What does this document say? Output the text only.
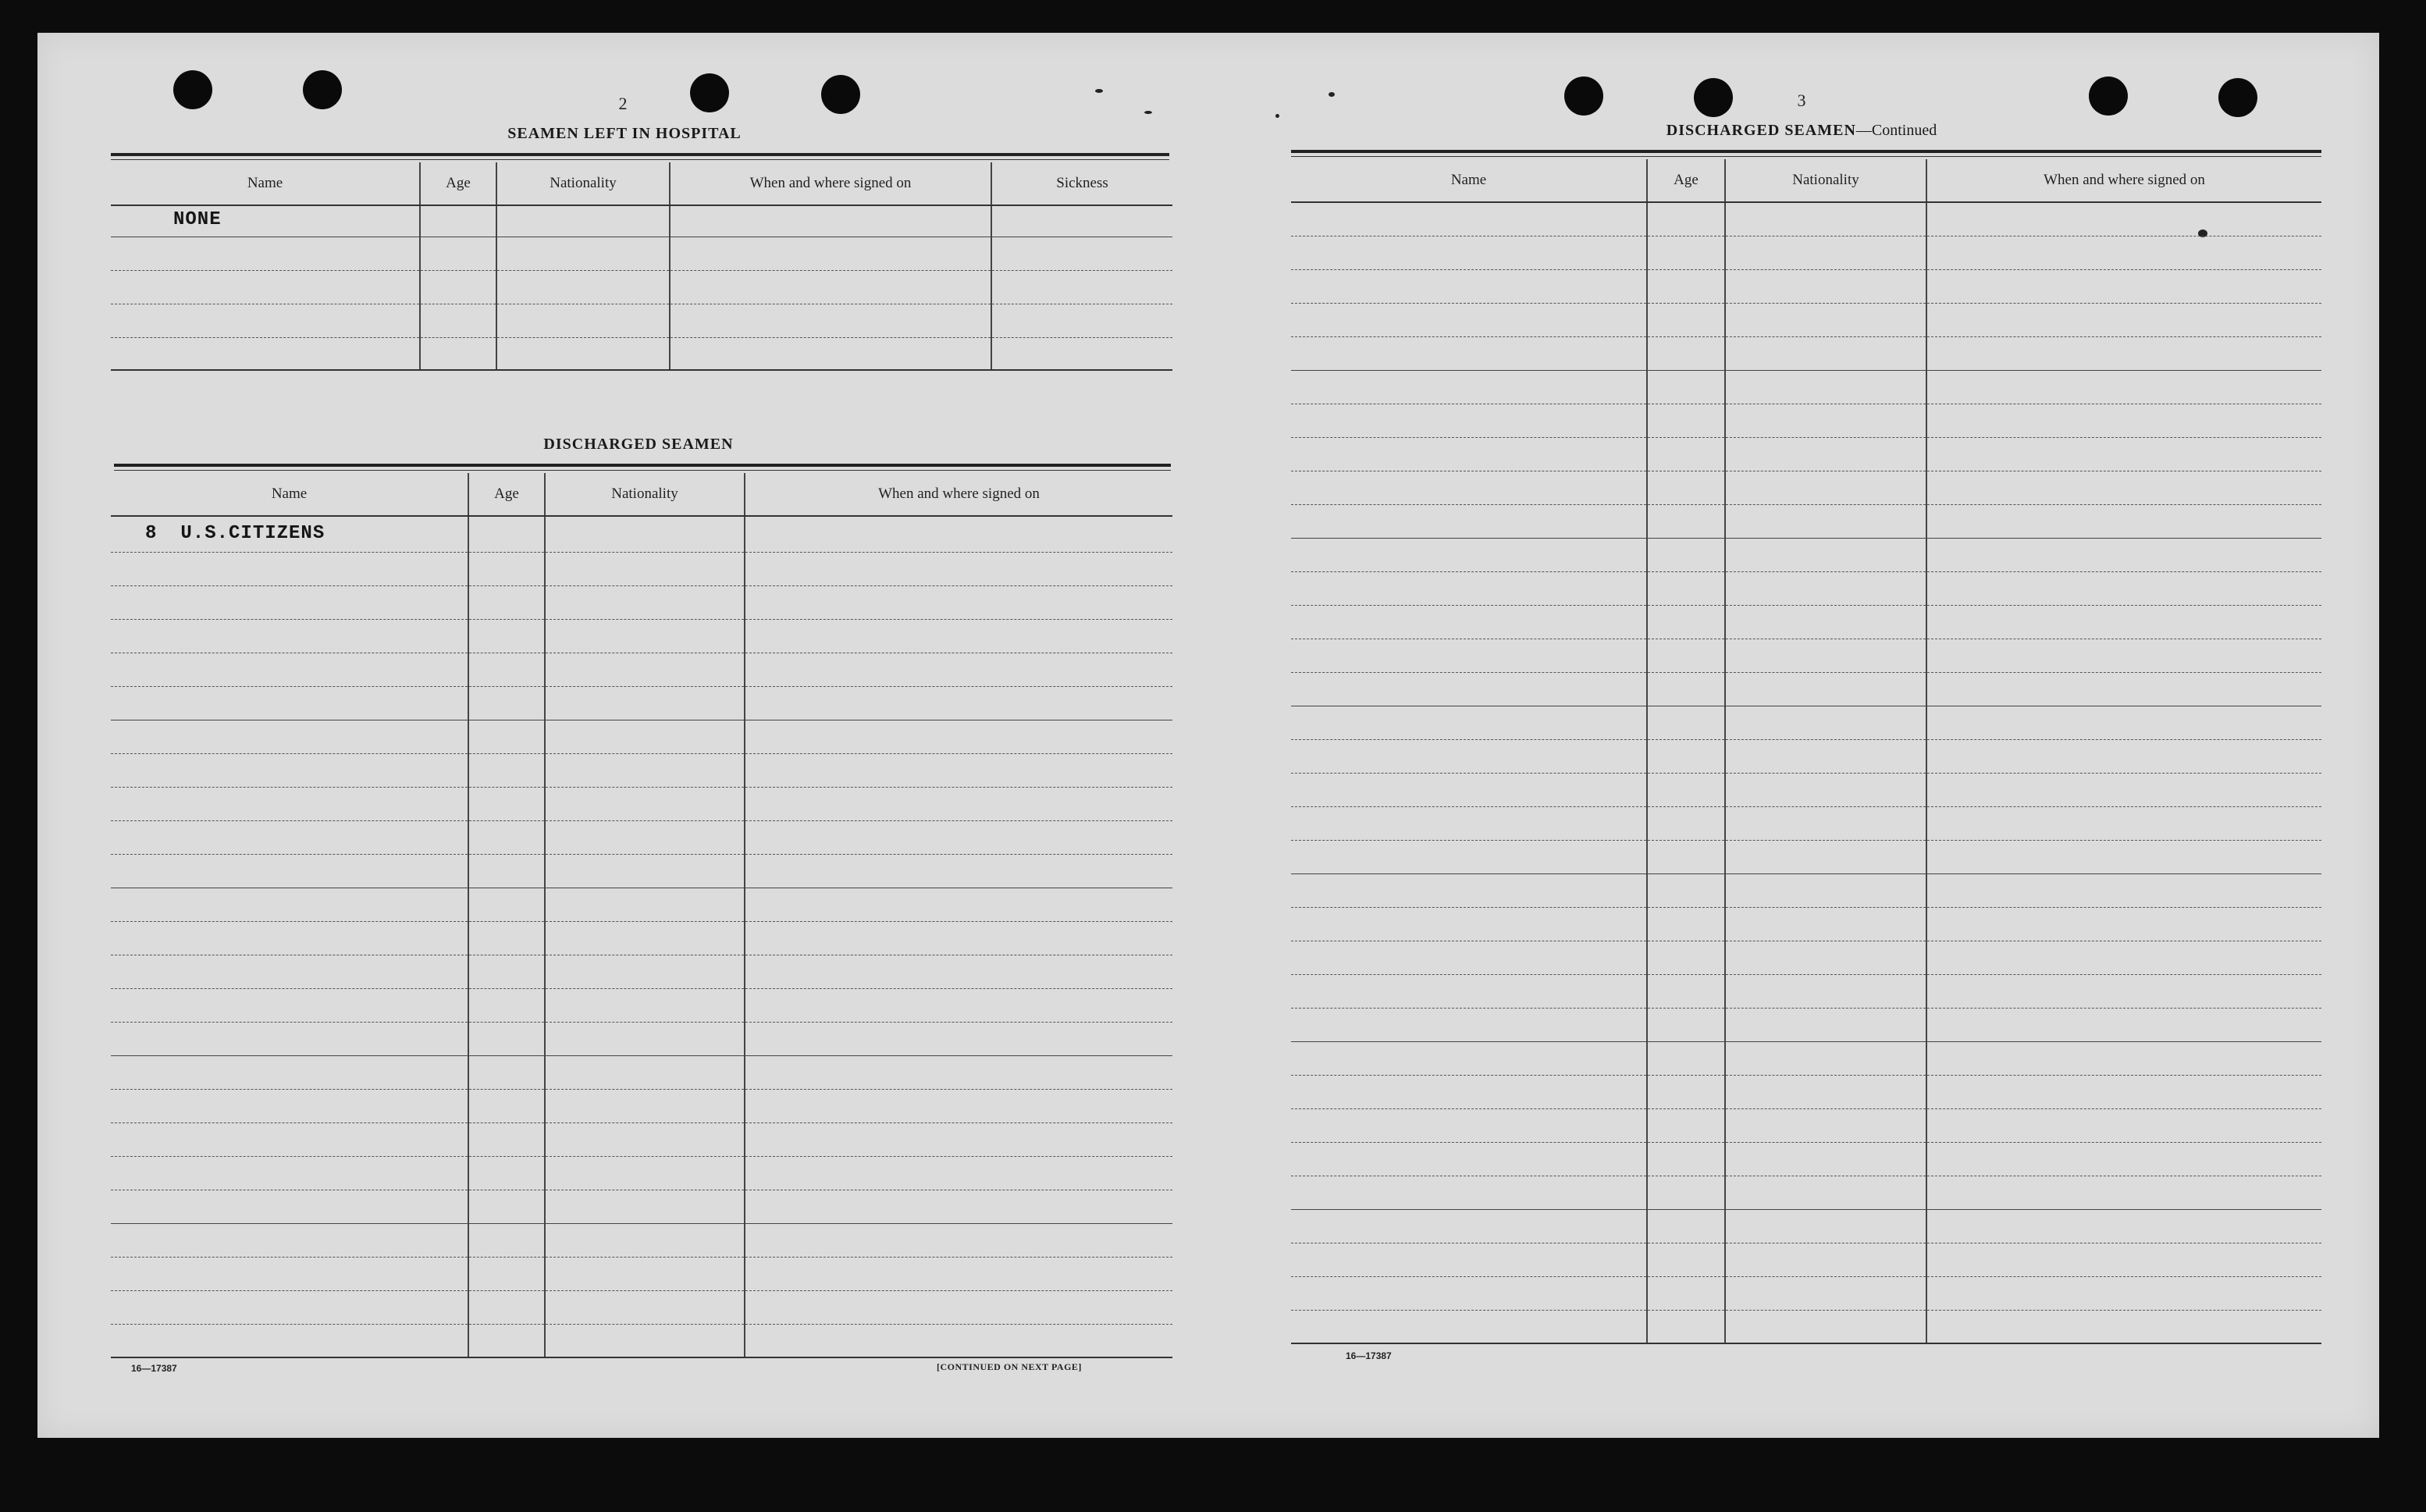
2
SEAMEN LEFT IN HOSPITAL
Name	Age	Nationality	When and where signed on	Sickness
NONE				

DISCHARGED SEAMEN
Name	Age	Nationality	When and where signed on
8 U.S.CITIZENS			

16—17387	[CONTINUED ON NEXT PAGE]
3
DISCHARGED SEAMEN—Continued
Name	Age	Nationality	When and where signed on

16—17387
